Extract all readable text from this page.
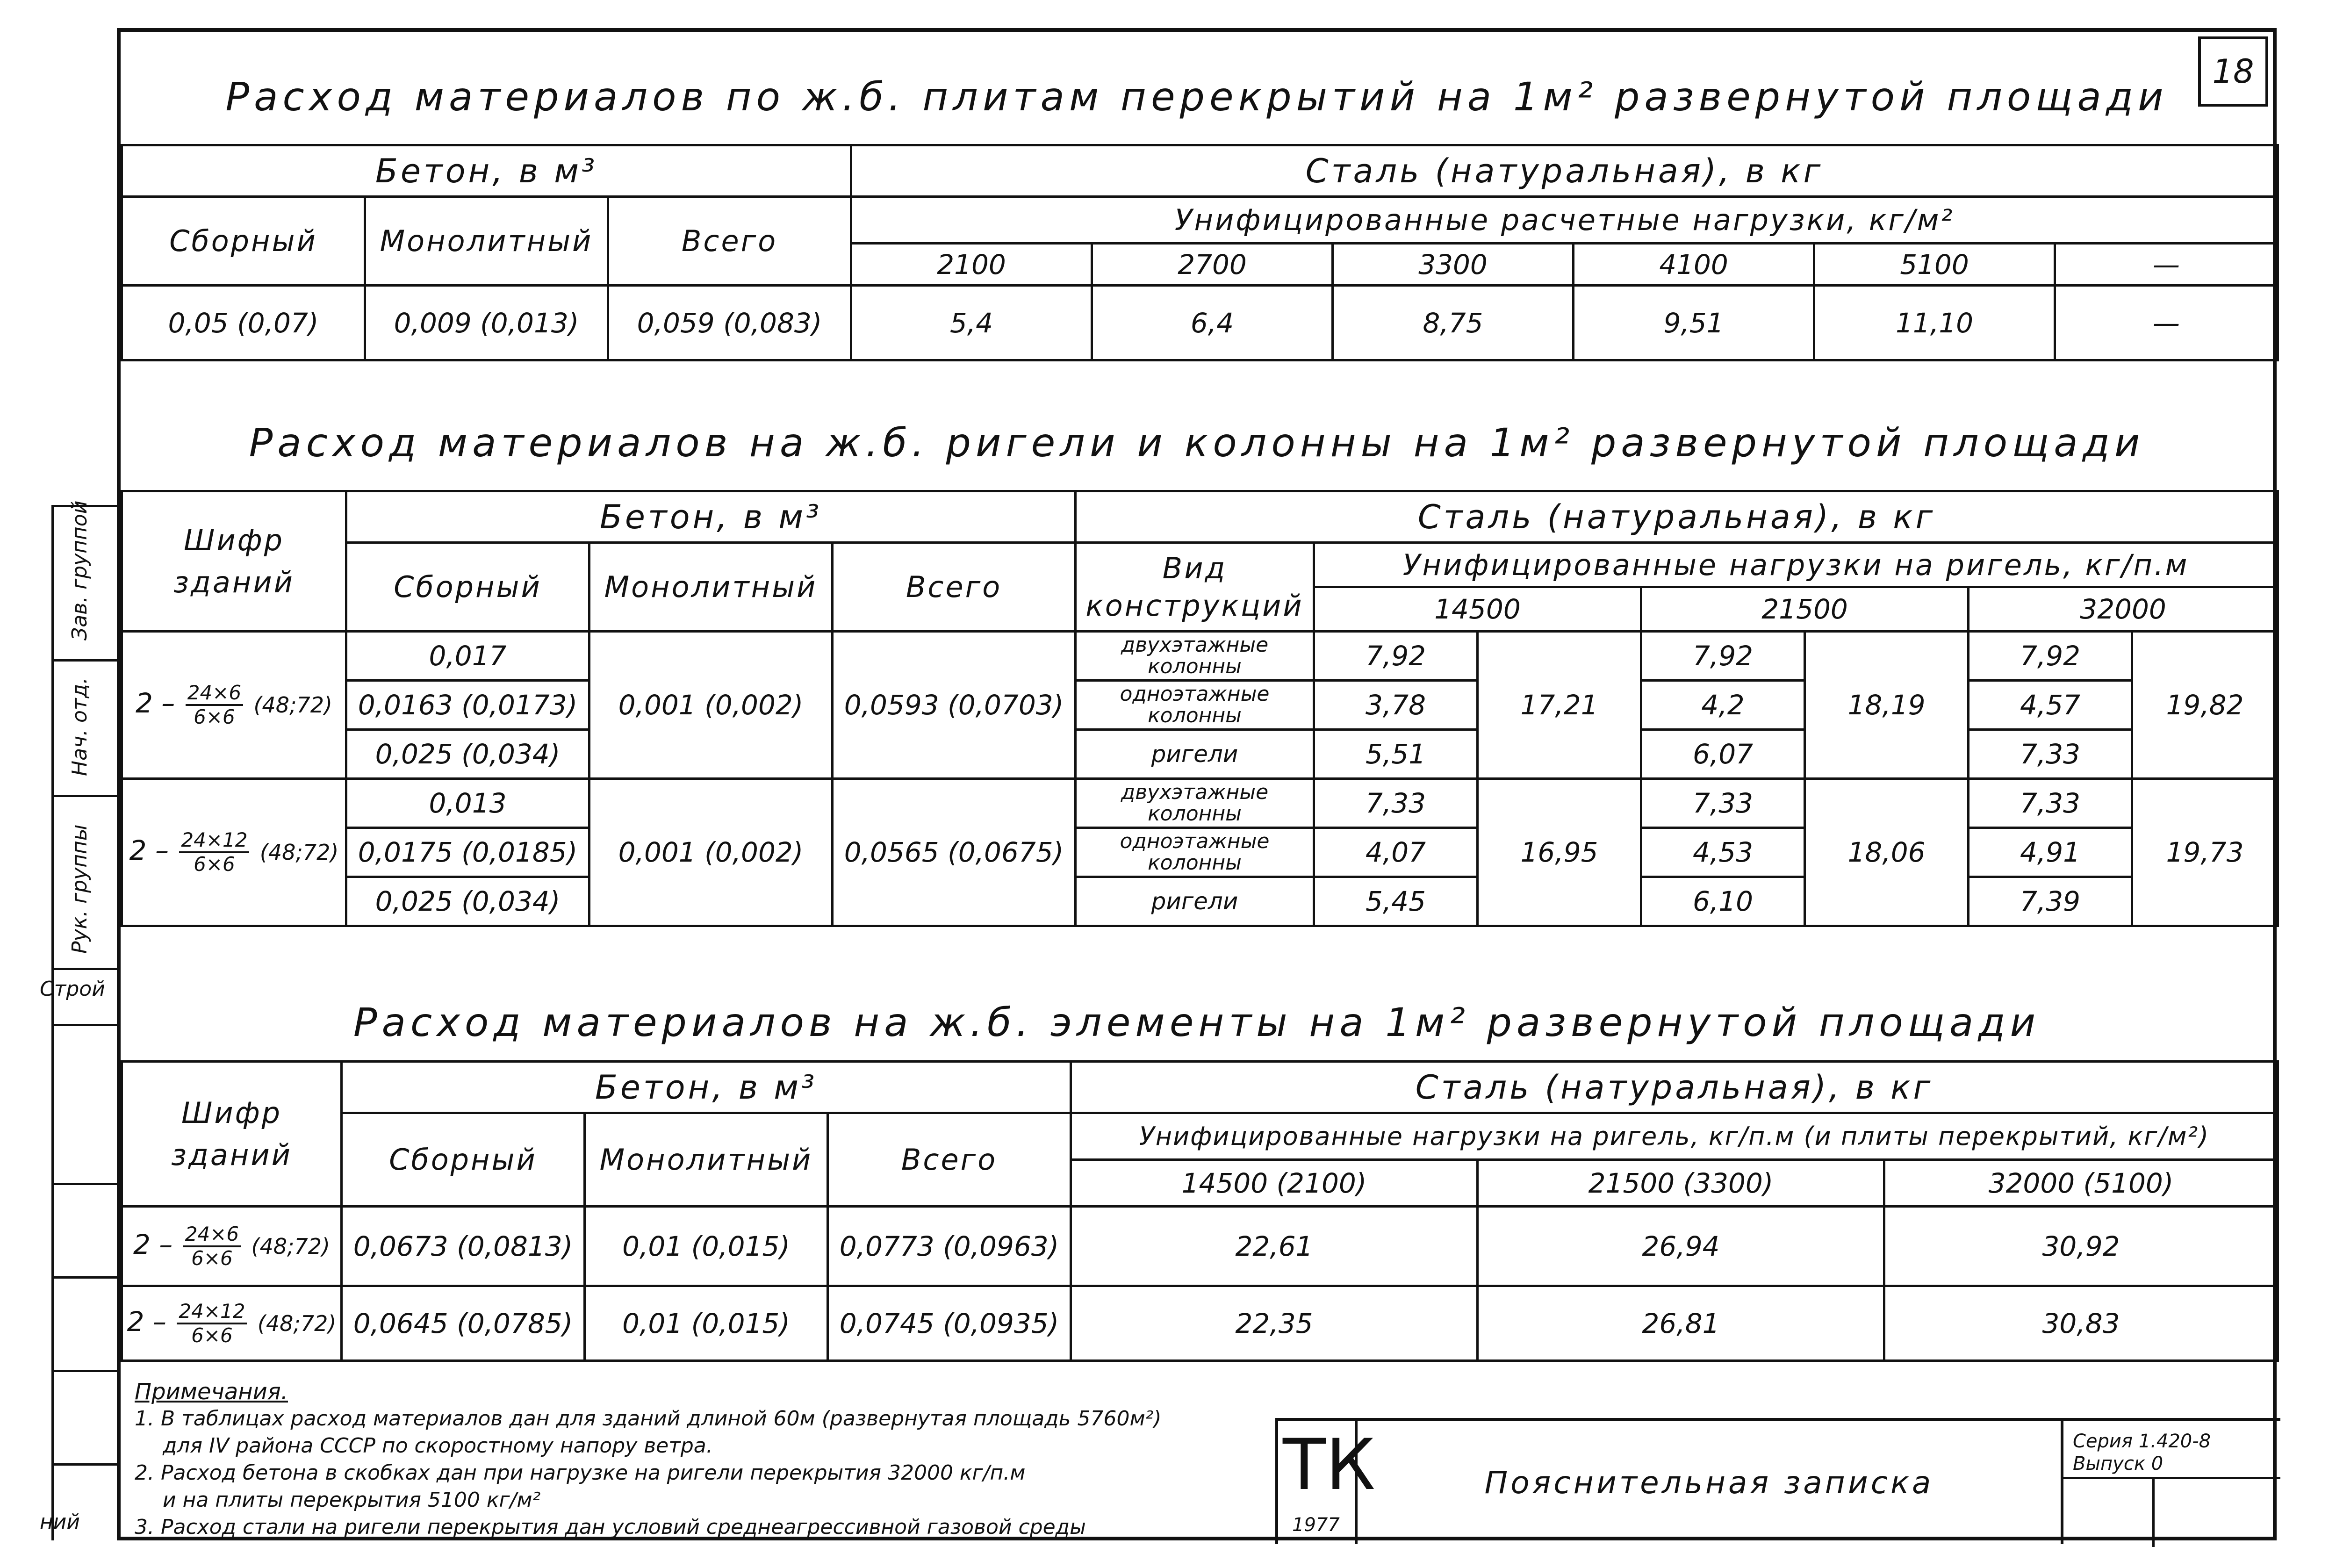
Зав. группой
Нач. отд.
Рук. группы
Строй
ний
18
Расход материалов по ж.б. плитам перекрытий на 1м² развернутой площади
Бетон, в м³			Сталь (натуральная), в кг					
Сборный	Монолитный	Всего	Унифицированные расчетные нагрузки, кг/м²					
			2100	2700	3300	4100	5100	—
0,05 (0,07)	0,009 (0,013)	0,059 (0,083)	5,4	6,4	8,75	9,51	11,10	—
Расход материалов на ж.б. ригели и колонны на 1м² развернутой площади
Шифр зданий	Бетон, в м³			Сталь (натуральная), в кг						
	Сборный	Монолитный	Всего	Вид конструкций	Унифицированные нагрузки на ригель, кг/п.м					
					14500		21500		32000	
$2 - \frac{24\times 6}{6\times 6}$ (48;72)	0,017	0,001 (0,002)	0,0593 (0,0703)	двухэтажные колонны	7,92	17,21	7,92	18,19	7,92	19,82
	0,0163 (0,0173)			одноэтажные колонны	3,78		4,2		4,57	
	0,025 (0,034)			ригели	5,51		6,07		7,33	
$2 - \frac{24\times 12}{6\times 6}$ (48;72)	0,013	0,001 (0,002)	0,0565 (0,0675)	двухэтажные колонны	7,33	16,95	7,33	18,06	7,33	19,73
	0,0175 (0,0185)			одноэтажные колонны	4,07		4,53		4,91	
	0,025 (0,034)			ригели	5,45		6,10		7,39	
Расход материалов на ж.б. элементы на 1м² развернутой площади
Шифр зданий	Бетон, в м³			Сталь (натуральная), в кг		
	Сборный	Монолитный	Всего	Унифицированные нагрузки на ригель, кг/п.м (и плиты перекрытий, кг/м²)		
				14500 (2100)	21500 (3300)	32000 (5100)
$2 - \frac{24\times 6}{6\times 6}$ (48;72)	0,0673 (0,0813)	0,01 (0,015)	0,0773 (0,0963)	22,61	26,94	30,92
$2 - \frac{24\times 12}{6\times 6}$ (48;72)	0,0645 (0,0785)	0,01 (0,015)	0,0745 (0,0935)	22,35	26,81	30,83
Примечания.
1. В таблицах расход материалов дан для зданий длиной 60м (развернутая площадь 5760м²)
для IV района СССР по скоростному напору ветра.
2. Расход бетона в скобках дан при нагрузке на ригели перекрытия 32000 кг/п.м
и на плиты перекрытия 5100 кг/м²
3. Расход стали на ригели перекрытия дан условий среднеагрессивной газовой среды
ТК
1977
Пояснительная записка
Серия 1.420-8
Выпуск 0
